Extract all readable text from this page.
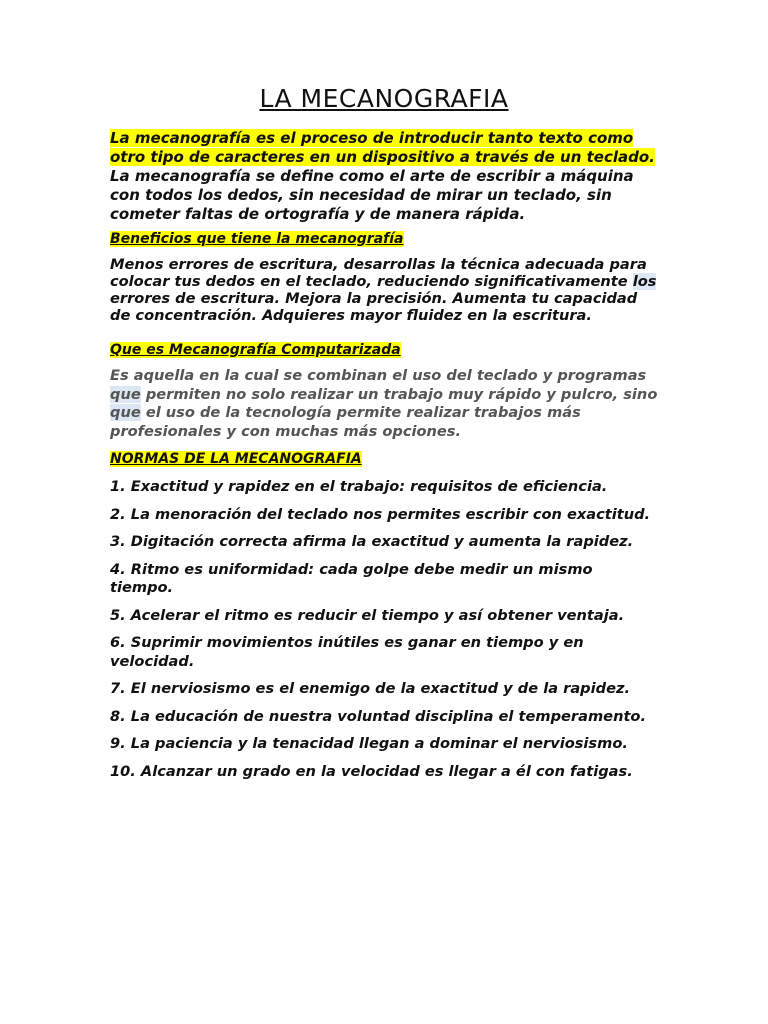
LA MECANOGRAFIA

La mecanografía es el proceso de introducir tanto texto como otro tipo de caracteres en un dispositivo a través de un teclado. La mecanografía se define como el arte de escribir a máquina con todos los dedos, sin necesidad de mirar un teclado, sin cometer faltas de ortografía y de manera rápida.

Beneficios que tiene la mecanografía

Menos errores de escritura, desarrollas la técnica adecuada para colocar tus dedos en el teclado, reduciendo significativamente los errores de escritura. Mejora la precisión. Aumenta tu capacidad de concentración. Adquieres mayor fluidez en la escritura.

Que es Mecanografía Computarizada

Es aquella en la cual se combinan el uso del teclado y programas que permiten no solo realizar un trabajo muy rápido y pulcro, sino que el uso de la tecnología permite realizar trabajos más profesionales y con muchas más opciones.

NORMAS DE LA MECANOGRAFIA

1. Exactitud y rapidez en el trabajo: requisitos de eficiencia.
2. La menoración del teclado nos permites escribir con exactitud.
3. Digitación correcta afirma la exactitud y aumenta la rapidez.
4. Ritmo es uniformidad: cada golpe debe medir un mismo tiempo.
5. Acelerar el ritmo es reducir el tiempo y así obtener ventaja.
6. Suprimir movimientos inútiles es ganar en tiempo y en velocidad.
7. El nerviosismo es el enemigo de la exactitud y de la rapidez.
8. La educación de nuestra voluntad disciplina el temperamento.
9. La paciencia y la tenacidad llegan a dominar el nerviosismo.
10. Alcanzar un grado en la velocidad es llegar a él con fatigas.
